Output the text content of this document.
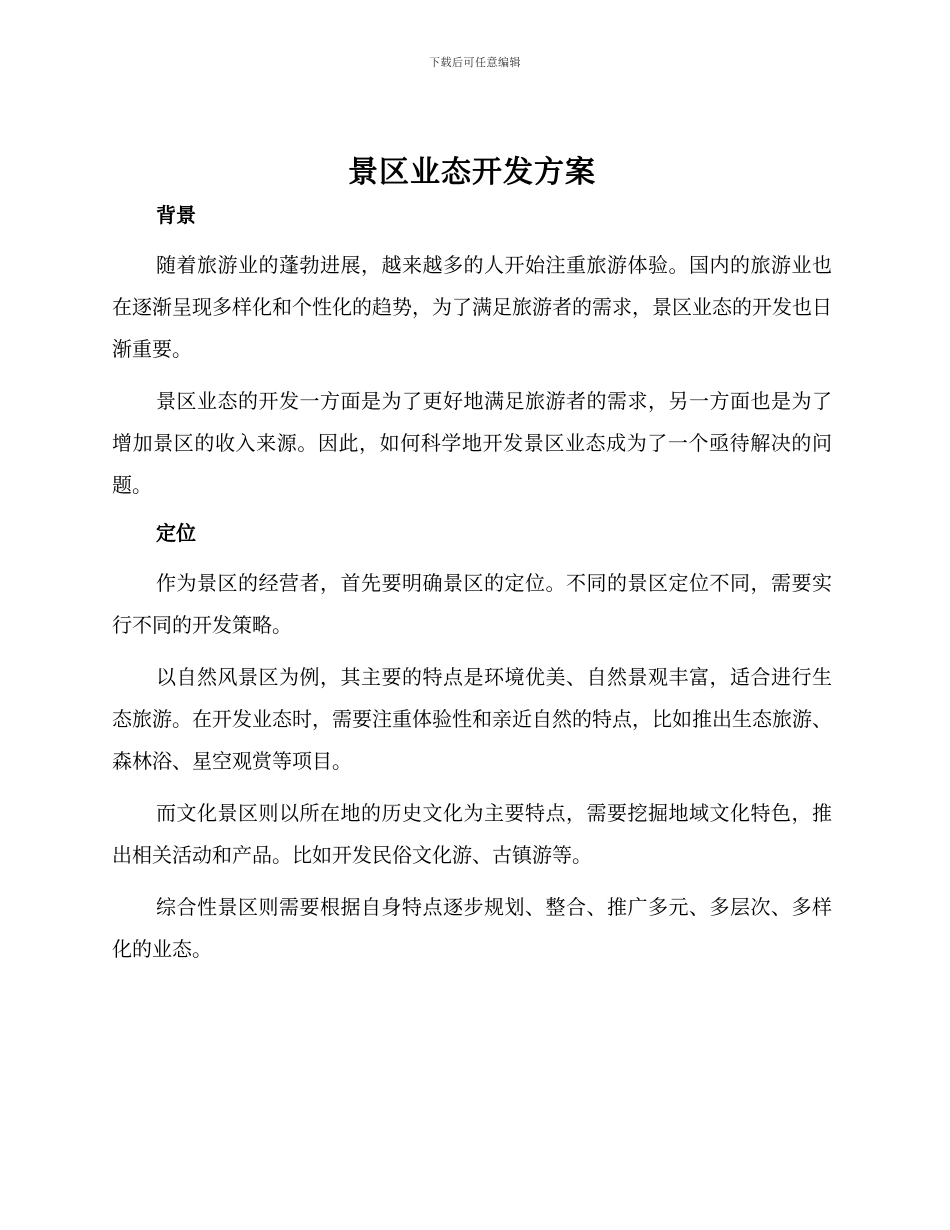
下载后可任意编辑
景区业态开发方案
背景

随着旅游业的蓬勃进展，越来越多的人开始注重旅游体验。国内的旅游业也在逐渐呈现多样化和个性化的趋势，为了满足旅游者的需求，景区业态的开发也日渐重要。

景区业态的开发一方面是为了更好地满足旅游者的需求，另一方面也是为了增加景区的收入来源。因此，如何科学地开发景区业态成为了一个亟待解决的问题。

定位

作为景区的经营者，首先要明确景区的定位。不同的景区定位不同，需要实行不同的开发策略。

以自然风景区为例，其主要的特点是环境优美、自然景观丰富，适合进行生态旅游。在开发业态时，需要注重体验性和亲近自然的特点，比如推出生态旅游、森林浴、星空观赏等项目。

而文化景区则以所在地的历史文化为主要特点，需要挖掘地域文化特色，推出相关活动和产品。比如开发民俗文化游、古镇游等。

综合性景区则需要根据自身特点逐步规划、整合、推广多元、多层次、多样化的业态。
